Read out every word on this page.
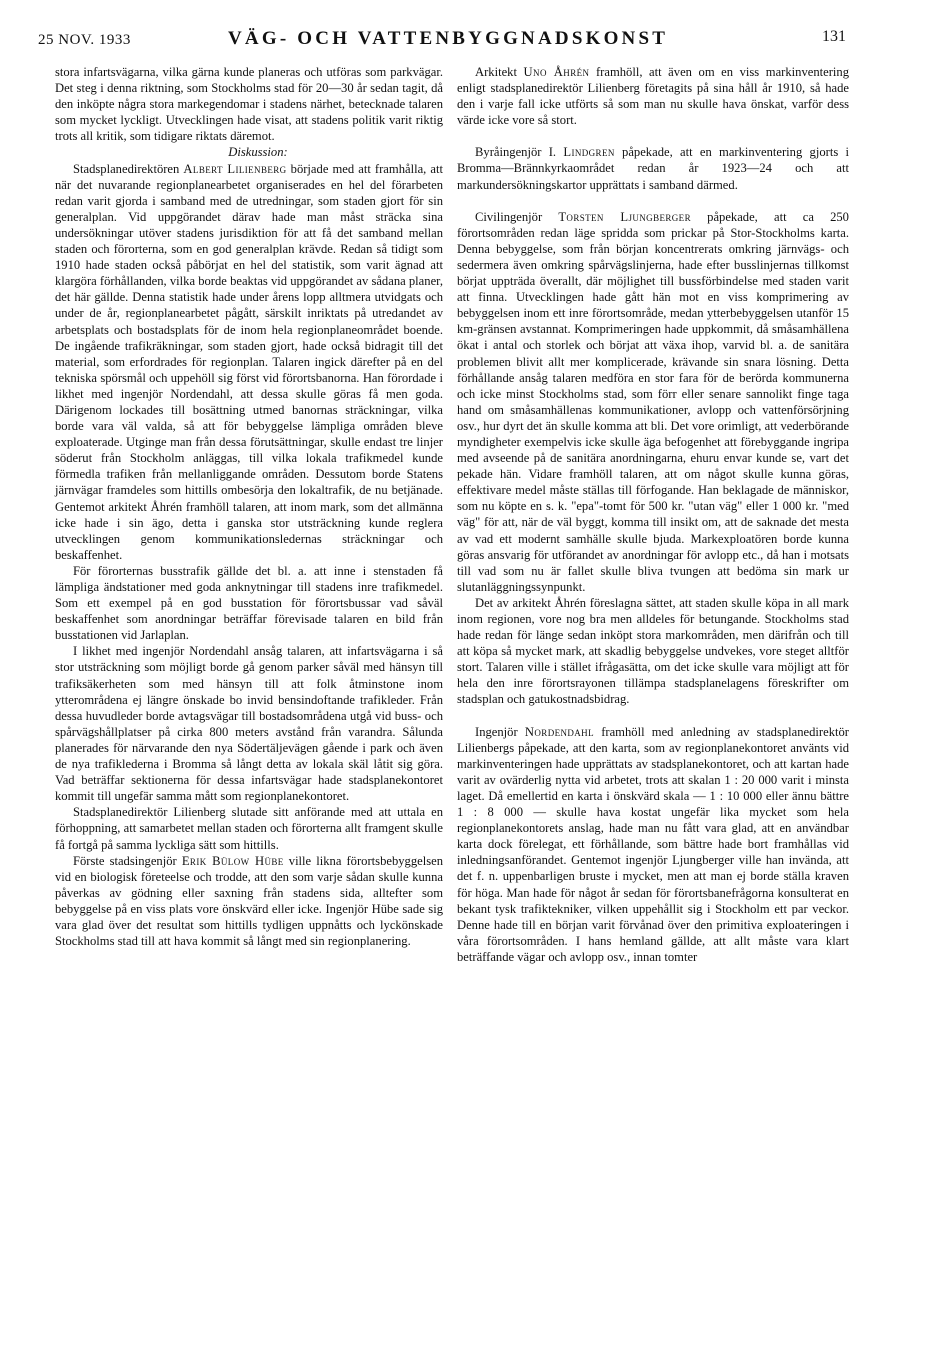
25 NOV. 1933	VÄG- OCH VATTENBYGGNADSKONST	131

stora infartsvägarna, vilka gärna kunde planeras och utföras som parkvägar. Det steg i denna riktning, som Stockholms stad för 20—30 år sedan tagit, då den inköpte några stora markegendomar i stadens närhet, betecknade talaren som mycket lyckligt. Utvecklingen hade visat, att stadens politik varit riktig trots all kritik, som tidigare riktats däremot.

Diskussion:

Stadsplanedirektören Albert Lilienberg började med att framhålla, att när det nuvarande regionplanearbetet organiserades en hel del förarbeten redan varit gjorda i samband med de utredningar, som staden gjort för sin generalplan. Vid uppgörandet därav hade man måst sträcka sina undersökningar utöver stadens jurisdiktion för att få det samband mellan staden och förorterna, som en god generalplan krävde. Redan så tidigt som 1910 hade staden också påbörjat en hel del statistik, som varit ägnad att klargöra förhållanden, vilka borde beaktas vid uppgörandet av sådana planer, det här gällde. Denna statistik hade under årens lopp alltmera utvidgats och under de år, regionplanearbetet pågått, särskilt inriktats på utredandet av arbetsplats och bostadsplats för de inom hela regionplaneområdet boende. De ingående trafikräkningar, som staden gjort, hade också bidragit till det material, som erfordrades för regionplan. Talaren ingick därefter på en del tekniska spörsmål och uppehöll sig först vid förortsbanorna. Han förordade i likhet med ingenjör Nordendahl, att dessa skulle göras få men goda. Därigenom lockades till bosättning utmed banornas sträckningar, vilka borde vara väl valda, så att för bebyggelse lämpliga områden bleve exploaterade. Utginge man från dessa förutsättningar, skulle endast tre linjer söderut från Stockholm anläggas, till vilka lokala trafikmedel kunde förmedla trafiken från mellanliggande områden. Dessutom borde Statens järnvägar framdeles som hittills ombesörja den lokaltrafik, de nu betjänade. Gentemot arkitekt Åhrén framhöll talaren, att inom mark, som det allmänna icke hade i sin ägo, detta i ganska stor utsträckning kunde reglera utvecklingen genom kommunikationsledernas sträckningar och beskaffenhet.

För förorternas busstrafik gällde det bl. a. att inne i stenstaden få lämpliga ändstationer med goda anknytningar till stadens inre trafikmedel. Som ett exempel på en god busstation för förortsbussar vad såväl beskaffenhet som anordningar beträffar förevisade talaren en bild från busstationen vid Jarlaplan.

I likhet med ingenjör Nordendahl ansåg talaren, att infartsvägarna i så stor utsträckning som möjligt borde gå genom parker såväl med hänsyn till trafiksäkerheten som med hänsyn till att folk åtminstone inom ytterområdena ej längre önskade bo invid bensindoftande trafikleder. Från dessa huvudleder borde avtagsvägar till bostadsområdena utgå vid buss- och spårvägshållplatser på cirka 800 meters avstånd från varandra. Sålunda planerades för närvarande den nya Södertäljevägen gående i park och även de nya trafiklederna i Bromma så långt detta av lokala skäl låtit sig göra. Vad beträffar sektionerna för dessa infartsvägar hade stadsplanekontoret kommit till ungefär samma mått som regionplanekontoret.

Stadsplanedirektör Lilienberg slutade sitt anförande med att uttala en förhoppning, att samarbetet mellan staden och förorterna allt framgent skulle få fortgå på samma lyckliga sätt som hittills.

Förste stadsingenjör Erik Bülow Hübe ville likna förortsbebyggelsen vid en biologisk företeelse och trodde, att den som varje sådan skulle kunna påverkas av gödning eller saxning från stadens sida, alltefter som bebyggelse på en viss plats vore önskvärd eller icke. Ingenjör Hübe sade sig vara glad över det resultat som hittills tydligen uppnåtts och lyckönskade Stockholms stad till att hava kommit så långt med sin regionplanering.

Arkitekt Uno Åhrén framhöll, att även om en viss markinventering enligt stadsplanedirektör Lilienberg företagits på sina håll år 1910, så hade den i varje fall icke utförts så som man nu skulle hava önskat, varför dess värde icke vore så stort.

Byråingenjör I. Lindgren påpekade, att en markinventering gjorts i Bromma—Brännkyrkaområdet redan år 1923—24 och att markundersökningskartor upprättats i samband därmed.

Civilingenjör Torsten Ljungberger påpekade, att ca 250 förortsområden redan läge spridda som prickar på Stor-Stockholms karta. Denna bebyggelse, som från början koncentrerats omkring järnvägs- och sedermera även omkring spårvägslinjerna, hade efter busslinjernas tillkomst börjat uppträda överallt, där möjlighet till bussförbindelse med staden varit att finna. Utvecklingen hade gått hän mot en viss komprimering av bebyggelsen inom ett inre förortsområde, medan ytterbebyggelsen utanför 15 km-gränsen avstannat. Komprimeringen hade uppkommit, då småsamhällena ökat i antal och storlek och börjat att växa ihop, varvid bl. a. de sanitära problemen blivit allt mer komplicerade, krävande sin snara lösning. Detta förhållande ansåg talaren medföra en stor fara för de berörda kommunerna och icke minst Stockholms stad, som förr eller senare sannolikt finge taga hand om småsamhällenas kommunikationer, avlopp och vattenförsörjning osv., hur dyrt det än skulle komma att bli. Det vore orimligt, att vederbörande myndigheter exempelvis icke skulle äga befogenhet att förebyggande ingripa med avseende på de sanitära anordningarna, ehuru envar kunde se, vart det pekade hän. Vidare framhöll talaren, att om något skulle kunna göras, effektivare medel måste ställas till förfogande. Han beklagade de människor, som nu köpte en s. k. "epa"-tomt för 500 kr. "utan väg" eller 1 000 kr. "med väg" för att, när de väl byggt, komma till insikt om, att de saknade det mesta av vad ett modernt samhälle skulle bjuda. Markexploatören borde kunna göras ansvarig för utförandet av anordningar för avlopp etc., då han i motsats till vad som nu är fallet skulle bliva tvungen att bedöma sin mark ur slutanläggningssynpunkt.

Det av arkitekt Åhrén föreslagna sättet, att staden skulle köpa in all mark inom regionen, vore nog bra men alldeles för betungande. Stockholms stad hade redan för länge sedan inköpt stora markområden, men därifrån och till att köpa så mycket mark, att skadlig bebyggelse undvekes, vore steget alltför stort. Talaren ville i stället ifrågasätta, om det icke skulle vara möjligt att för hela den inre förortsrayonen tillämpa stadsplanelagens föreskrifter om stadsplan och gatukostnadsbidrag.

Ingenjör Nordendahl framhöll med anledning av stadsplanedirektör Lilienbergs påpekade, att den karta, som av regionplanekontoret använts vid markinventeringen hade upprättats av stadsplanekontoret, och att kartan hade varit av ovärderlig nytta vid arbetet, trots att skalan 1 : 20 000 varit i minsta laget. Då emellertid en karta i önskvärd skala — 1 : 10 000 eller ännu bättre 1 : 8 000 — skulle hava kostat ungefär lika mycket som hela regionplanekontorets anslag, hade man nu fått vara glad, att en användbar karta dock förelegat, ett förhållande, som bättre hade bort framhållas vid inledningsanförandet. Gentemot ingenjör Ljungberger ville han invända, att det f. n. uppenbarligen bruste i mycket, men att man ej borde ställa kraven för höga. Man hade för något år sedan för förortsbanefrågorna konsulterat en bekant tysk trafiktekniker, vilken uppehållit sig i Stockholm ett par veckor. Denne hade till en början varit förvånad över den primitiva exploateringen i våra förortsområden. I hans hemland gällde, att allt måste vara klart beträffande vägar och avlopp osv., innan tomter
